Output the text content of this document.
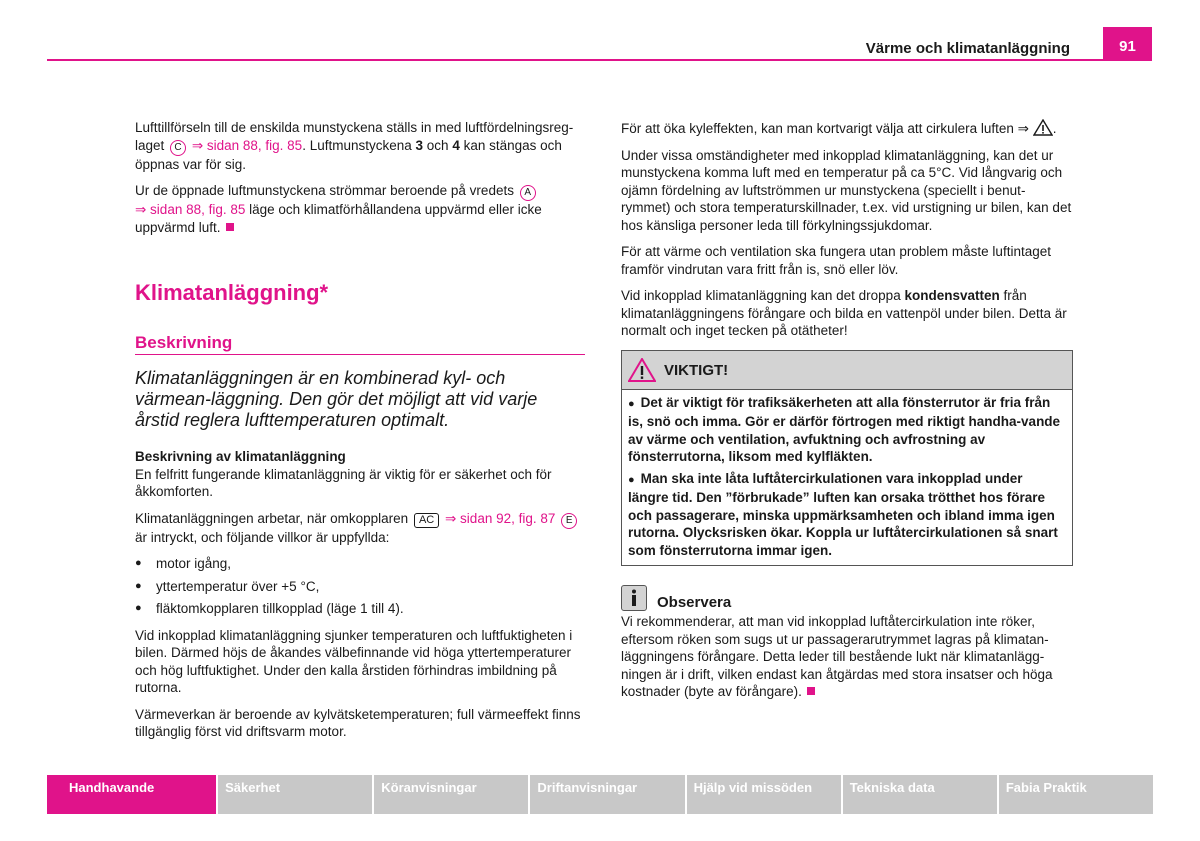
Värme och klimatanläggning	91

Lufttillförseln till de enskilda munstyckena ställs in med luftfördelningsreg-laget C ⇒ sidan 88, fig. 85. Luftmunstyckena 3 och 4 kan stängas och öppnas var för sig.

Ur de öppnade luftmunstyckena strömmar beroende på vredets A
⇒ sidan 88, fig. 85 läge och klimatförhållandena uppvärmd eller icke uppvärmd luft.

Klimatanläggning*
Beskrivning
Klimatanläggningen är en kombinerad kyl- och värmean-läggning. Den gör det möjligt att vid varje årstid reglera lufttemperaturen optimalt.
Beskrivning av klimatanläggning

En felfritt fungerande klimatanläggning är viktig för er säkerhet och för åkkomforten.

Klimatanläggningen arbetar, när omkopplaren AC ⇒ sidan 92, fig. 87 E
är intryckt, och följande villkor är uppfyllda:

● motor igång,
● yttertemperatur över +5 °C,
● fläktomkopplaren tillkopplad (läge 1 till 4).

Vid inkopplad klimatanläggning sjunker temperaturen och luftfuktigheten i bilen. Därmed höjs de åkandes välbefinnande vid höga yttertemperaturer och hög luftfuktighet. Under den kalla årstiden förhindras imbildning på rutorna.

Värmeverkan är beroende av kylvätsketemperaturen; full värmeeffekt finns tillgänglig först vid driftsvarm motor.

För att öka kyleffekten, kan man kortvarigt välja att cirkulera luften ⇒ .

Under vissa omständigheter med inkopplad klimatanläggning, kan det ur munstyckena komma luft med en temperatur på ca 5°C. Vid långvarig och ojämn fördelning av luftströmmen ur munstyckena (speciellt i benut-rymmet) och stora temperaturskillnader, t.ex. vid urstigning ur bilen, kan det hos känsliga personer leda till förkylningssjukdomar.

För att värme och ventilation ska fungera utan problem måste luftintaget framför vindrutan vara fritt från is, snö eller löv.

Vid inkopplad klimatanläggning kan det droppa kondensvatten från klimatanläggningens förångare och bilda en vattenpöl under bilen. Detta är normalt och inget tecken på otätheter!

VIKTIGT!

● Det är viktigt för trafiksäkerheten att alla fönsterrutor är fria från is, snö och imma. Gör er därför förtrogen med riktigt handha-vande av värme och ventilation, avfuktning och avfrostning av fönsterrutorna, liksom med kylfläkten.

● Man ska inte låta luftåtercirkulationen vara inkopplad under längre tid. Den ”förbrukade” luften kan orsaka trötthet hos förare och passagerare, minska uppmärksamheten och ibland imma igen rutorna. Olycksrisken ökar. Koppla ur luftåtercirkulationen så snart som fönsterrutorna immar igen.

Observera

Vi rekommenderar, att man vid inkopplad luftåtercirkulation inte röker, eftersom röken som sugs ut ur passagerarutrymmet lagras på klimatan-läggningens förångare. Detta leder till bestående lukt när klimatanlägg-ningen är i drift, vilken endast kan åtgärdas med stora insatser och höga kostnader (byte av förångare).

Handhavande	Säkerhet	Köranvisningar	Driftanvisningar	Hjälp vid missöden	Tekniska data	Fabia Praktik
